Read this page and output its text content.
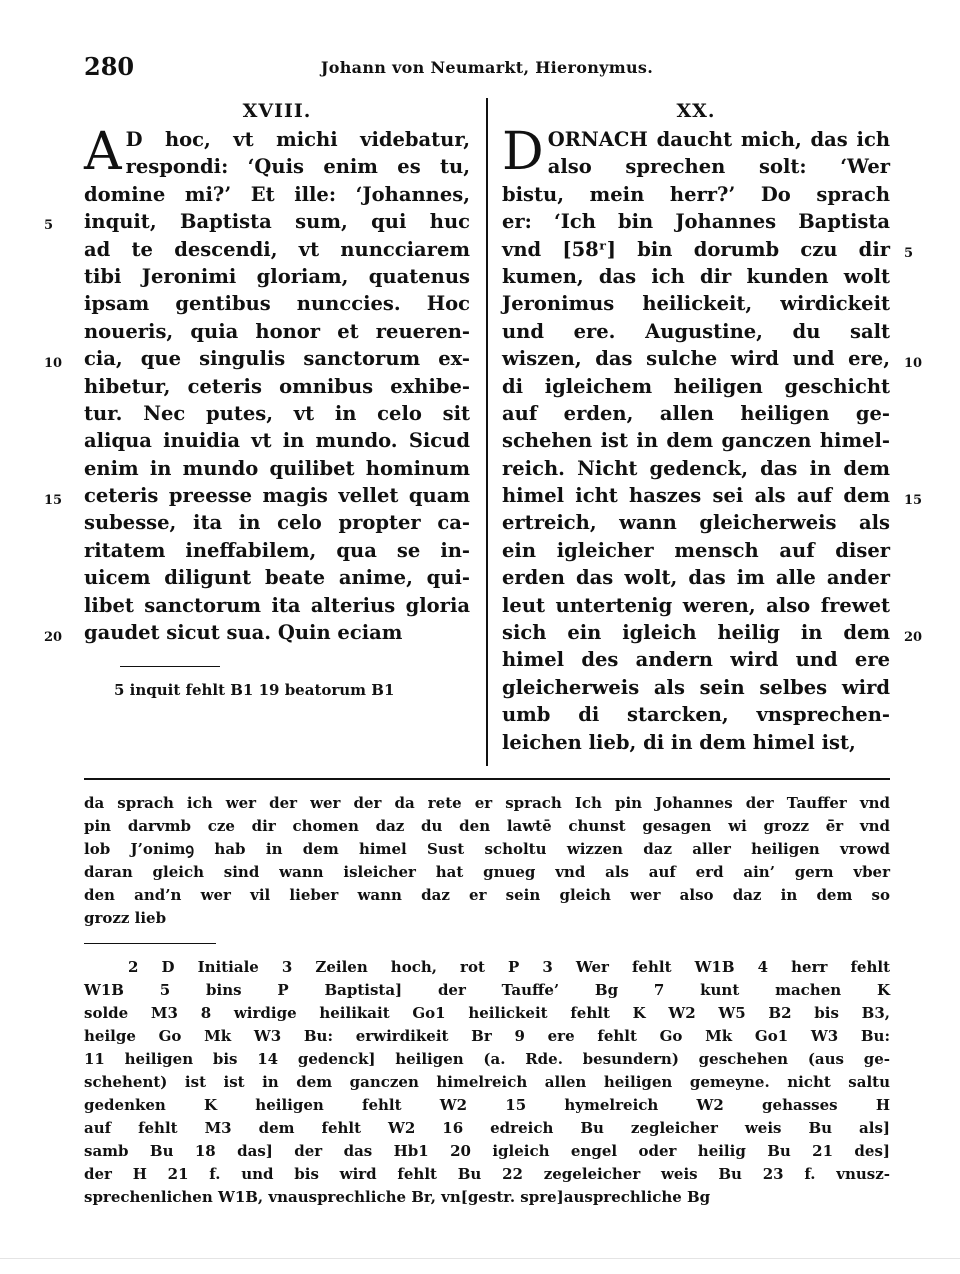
280	Johann von Neumarkt, Hieronymus.
XVIII.
A D hoc, vt michi videbatur,
respondi: ‘Quis enim es tu,
domine mi?’ Et ille: ‘Johannes,
inquit, Baptista sum, qui huc
ad te descendi, vt nuncciarem
tibi Jeronimi gloriam, quatenus
ipsam gentibus nunccies. Hoc
noueris, quia honor et reueren-
cia, que singulis sanctorum ex-
hibetur, ceteris omnibus exhibe-
tur. Nec putes, vt in celo sit
aliqua inuidia vt in mundo. Sicud
enim in mundo quilibet hominum
ceteris preesse magis vellet quam
subesse, ita in celo propter ca-
ritatem ineffabilem, qua se in-
uicem diligunt beate anime, qui-
libet sanctorum ita alterius gloria
gaudet sicut sua. Quin eciam
XX.
D ORNACH daucht mich, das ich
also sprechen solt: ‘Wer
bistu, mein herr?’ Do sprach
er: ‘Ich bin Johannes Baptista
vnd [58ʳ] bin dorumb czu dir
kumen, das ich dir kunden wolt
Jeronimus heilickeit, wirdickeit
und ere. Augustine, du salt
wiszen, das sulche wird und ere,
di igleichem heiligen geschicht
auf erden, allen heiligen ge-
schehen ist in dem ganczen himel-
reich. Nicht gedenck, das in dem
himel icht haszes sei als auf dem
ertreich, wann gleicherweis als
ein igleicher mensch auf diser
erden das wolt, das im alle ander
leut untertenig weren, also frewet
sich ein igleich heilig in dem
himel des andern wird und ere
gleicherweis als sein selbes wird
umb di starcken, vnsprechen-
leichen lieb, di in dem himel ist,
5
10
15
20
5
10
15
20
5 inquit fehlt B1 19 beatorum B1
da sprach ich wer der wer der da rete er sprach Ich pin Johannes der Tauffer vnd
pin darvmb cze dir chomen daz du den lawtē chunst gesagen wi grozz ē̄r vnd
lob J’onimꝯ hab in dem himel Sust scholtu wizzen daz aller heiligen vrowd
daran gleich sind wann isleicher hat gnueg vnd als auf erd ain’ gern vber
den and’n wer vil lieber wann daz er sein gleich wer also daz in dem so
grozz lieb
2 D Initiale 3 Zeilen hoch, rot P 3 Wer fehlt W1B 4 herr fehlt
W1B 5 bins P Baptista] der Tauffe’ Bg 7 kunt machen K
solde M3 8 wirdige heilikait Go1 heilickeit fehlt K W2 W5 B2 bis B3,
heilge Go Mk W3 Bu: erwirdikeit Br 9 ere fehlt Go Mk Go1 W3 Bu:
11 heiligen bis 14 gedenck] heiligen (a. Rde. besundern) geschehen (aus ge-
schehent) ist ist in dem ganczen himelreich allen heiligen gemeyne. nicht saltu
gedenken K heiligen fehlt W2 15 hymelreich W2 gehasses H
auf fehlt M3 dem fehlt W2 16 edreich Bu zegleicher weis Bu als]
samb Bu 18 das] der das Hb1 20 igleich engel oder heilig Bu 21 des]
der H 21 f. und bis wird fehlt Bu 22 zegeleicher weis Bu 23 f. vnusz-
sprechenlichen W1B, vnausprechliche Br, vn[gestr. spre]ausprechliche Bg
